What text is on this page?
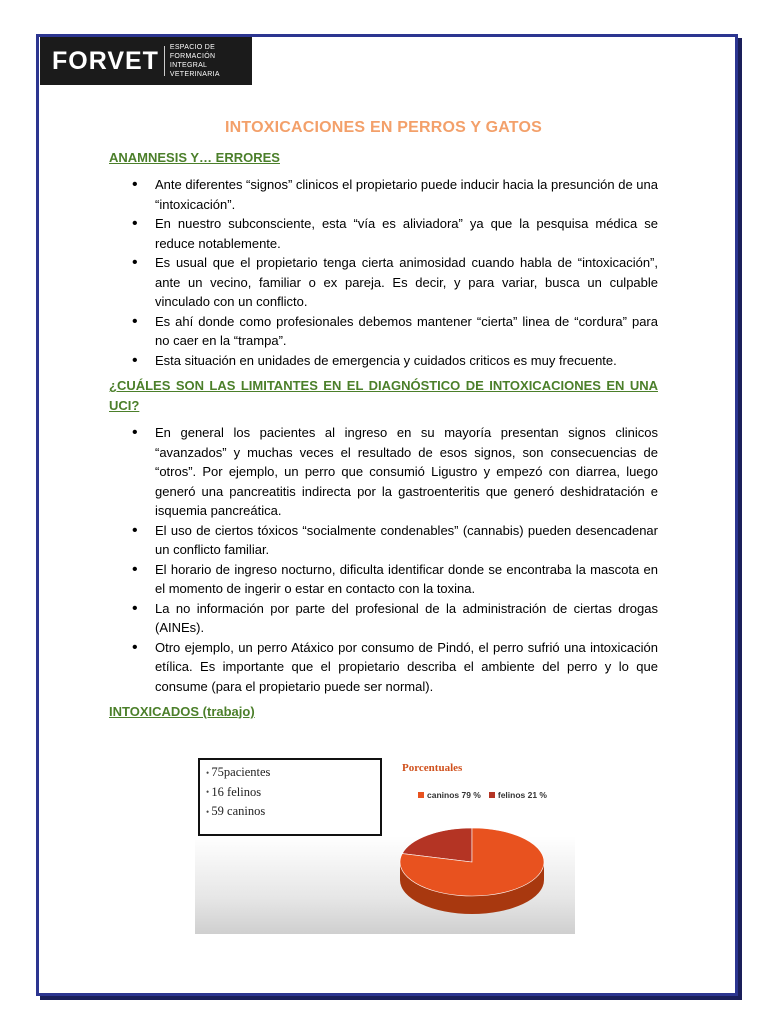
FORVET ESPACIO DE FORMACIÓN
INTEGRAL VETERINARIA
INTOXICACIONES EN PERROS Y GATOS

ANAMNESIS Y… ERRORES

• Ante diferentes “signos” clinicos el propietario puede inducir hacia la presunción de una “intoxicación”.
• En nuestro subconsciente, esta “vía es aliviadora” ya que la pesquisa médica se reduce notablemente.
• Es usual que el propietario tenga cierta animosidad cuando habla de “intoxicación”, ante un vecino, familiar o ex pareja. Es decir, y para variar, busca un culpable vinculado con un conflicto.
• Es ahí donde como profesionales debemos mantener “cierta” linea de “cordura” para no caer en la “trampa”.
• Esta situación en unidades de emergencia y cuidados criticos es muy frecuente.

¿CUÁLES SON LAS LIMITANTES EN EL DIAGNÓSTICO DE INTOXICACIONES EN UNA UCI?

• En general los pacientes al ingreso en su mayoría presentan signos clinicos “avanzados” y muchas veces el resultado de esos signos, son consecuencias de “otros”. Por ejemplo, un perro que consumió Ligustro y empezó con diarrea, luego generó una pancreatitis indirecta por la gastroenteritis que generó deshidratación e isquemia pancreática.
• El uso de ciertos tóxicos “socialmente condenables” (cannabis) pueden desencadenar un conflicto familiar.
• El horario de ingreso nocturno, dificulta identificar donde se encontraba la mascota en el momento de ingerir o estar en contacto con la toxina.
• La no información por parte del profesional de la administración de ciertas drogas (AINEs).
• Otro ejemplo, un perro Atáxico por consumo de Pindó, el perro sufrió una intoxicación etílica. Es importante que el propietario describa el ambiente del perro y lo que consume (para el propietario puede ser normal).

INTOXICADOS (trabajo)

• 75pacientes
• 16 felinos
• 59 caninos
Porcentuales
caninos 79 % felinos 21 %
